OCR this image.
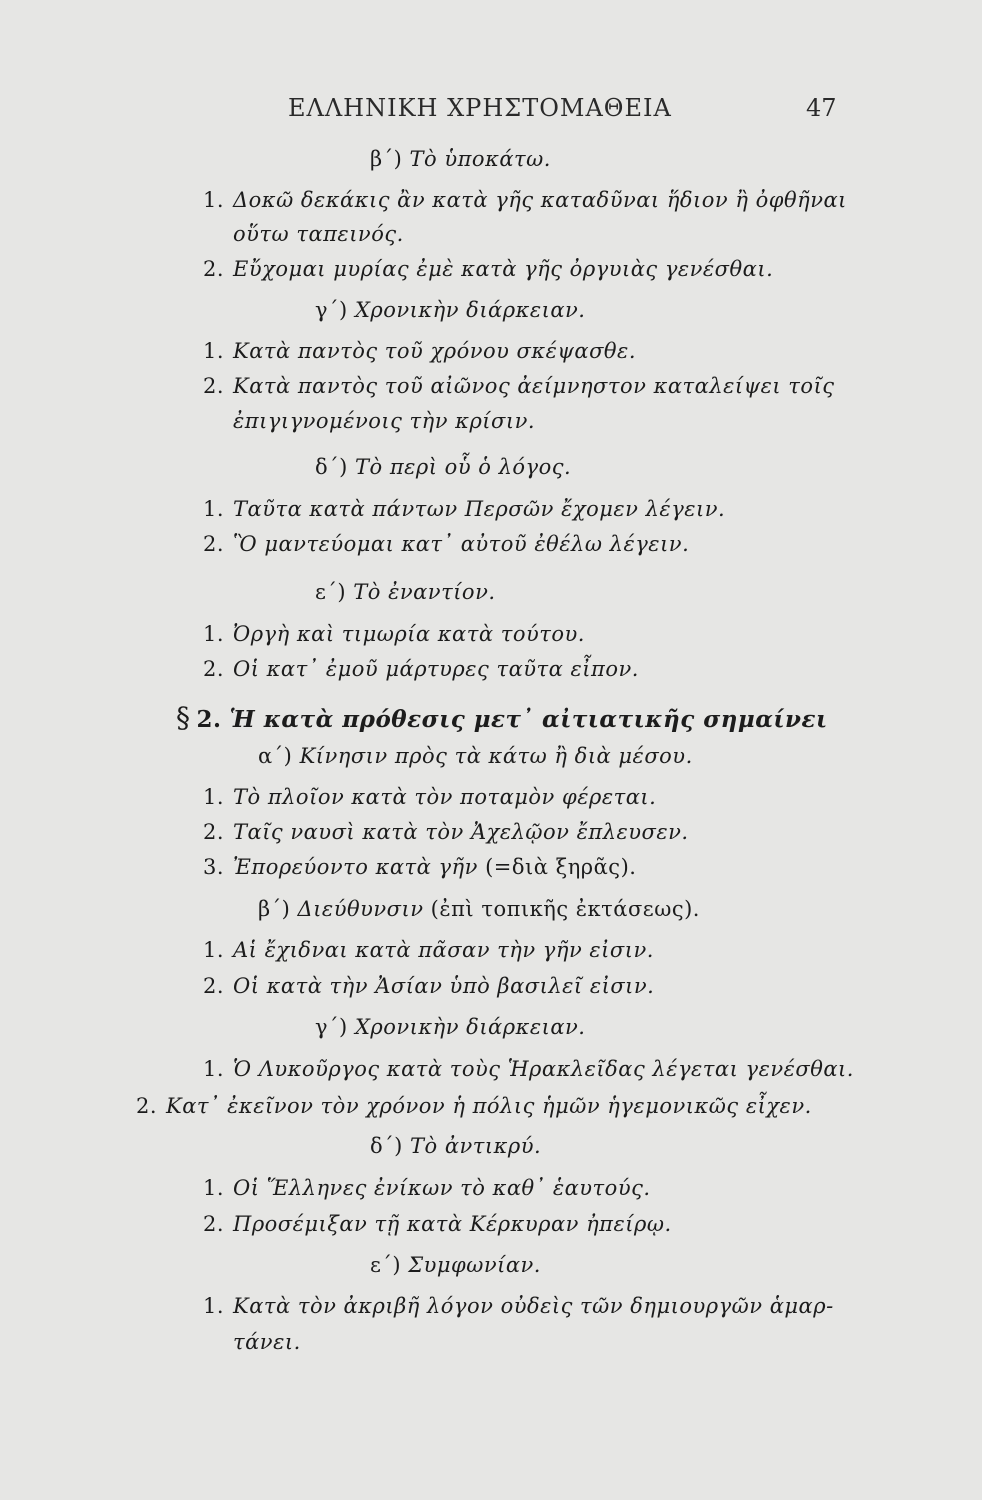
ΕΛΛΗΝΙΚΗ ΧΡΗΣΤΟΜΑΘΕΙΑ	47
β΄) Τὸ ὑποκάτω.
1. Δοκῶ δεκάκις ἂν κατὰ γῆς καταδῦναι ἥδιον ἢ ὀφθῆναι
οὕτω ταπεινός.
2. Εὔχομαι μυρίας ἐμὲ κατὰ γῆς ὀργυιὰς γενέσθαι.
γ΄) Χρονικὴν διάρκειαν.
1. Κατὰ παντὸς τοῦ χρόνου σκέψασθε.
2. Κατὰ παντὸς τοῦ αἰῶνος ἀείμνηστον καταλείψει τοῖς
ἐπιγιγνομένοις τὴν κρίσιν.
δ΄) Τὸ περὶ οὗ ὁ λόγος.
1. Ταῦτα κατὰ πάντων Περσῶν ἔχομεν λέγειν.
2. Ὃ μαντεύομαι κατ᾽ αὐτοῦ ἐθέλω λέγειν.
ε΄) Τὸ ἐναντίον.
1. Ὀργὴ καὶ τιμωρία κατὰ τούτου.
2. Οἱ κατ᾽ ἐμοῦ μάρτυρες ταῦτα εἶπον.
§ 2. Ἡ κατὰ πρόθεσις μετ᾽ αἰτιατικῆς σημαίνει
α΄) Κίνησιν πρὸς τὰ κάτω ἢ διὰ μέσου.
1. Τὸ πλοῖον κατὰ τὸν ποταμὸν φέρεται.
2. Ταῖς ναυσὶ κατὰ τὸν Ἀχελῷον ἔπλευσεν.
3. Ἐπορεύοντο κατὰ γῆν (=διὰ ξηρᾶς).
β΄) Διεύθυνσιν (ἐπὶ τοπικῆς ἐκτάσεως).
1. Αἱ ἔχιδναι κατὰ πᾶσαν τὴν γῆν εἰσιν.
2. Οἱ κατὰ τὴν Ἀσίαν ὑπὸ βασιλεῖ εἰσιν.
γ΄) Χρονικὴν διάρκειαν.
1. Ὁ Λυκοῦργος κατὰ τοὺς Ἡρακλεῖδας λέγεται γενέσθαι.
2. Κατ᾽ ἐκεῖνον τὸν χρόνον ἡ πόλις ἡμῶν ἡγεμονικῶς εἶχεν.
δ΄) Τὸ ἀντικρύ.
1. Οἱ Ἕλληνες ἐνίκων τὸ καθ᾽ ἑαυτούς.
2. Προσέμιξαν τῇ κατὰ Κέρκυραν ἠπείρῳ.
ε΄) Συμφωνίαν.
1. Κατὰ τὸν ἀκριβῆ λόγον οὐδεὶς τῶν δημιουργῶν ἁμαρ-
τάνει.
